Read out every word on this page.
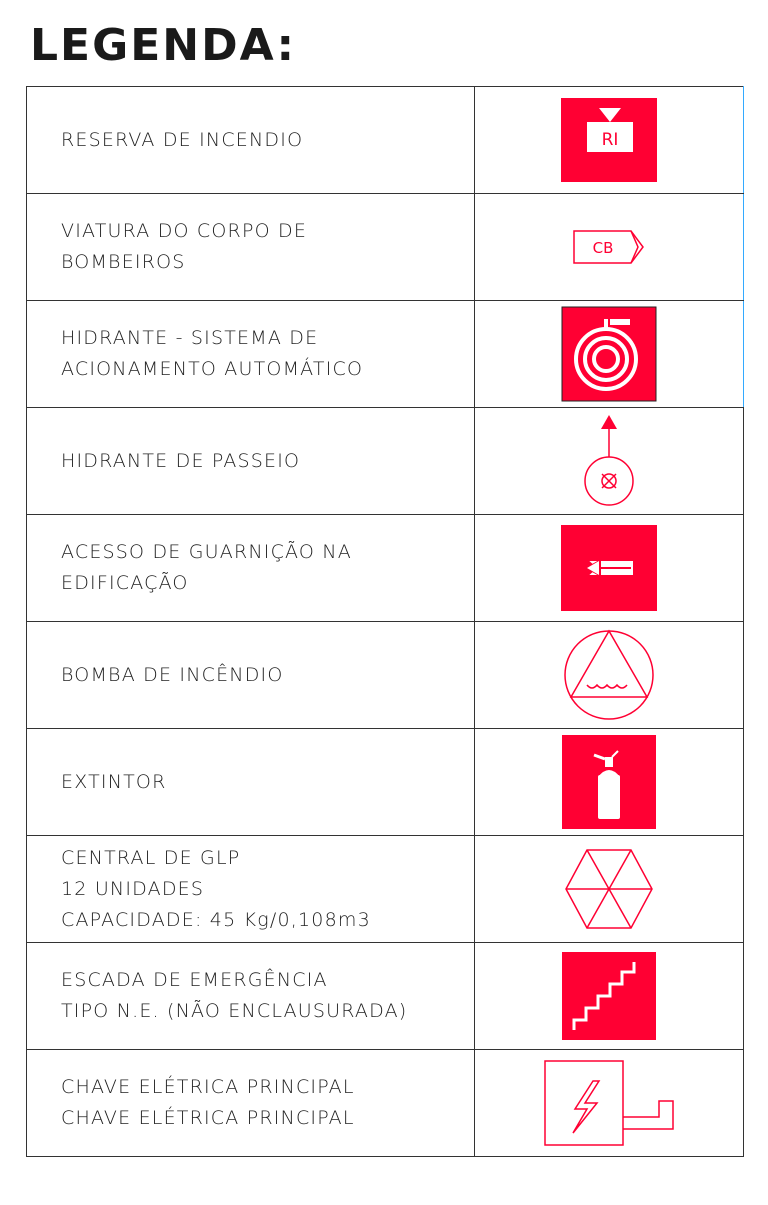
LEGENDA:
RESERVA DE INCENDIO	RI

VIATURA DO CORPO DE
BOMBEIROS	CB

HIDRANTE - SISTEMA DE
ACIONAMENTO AUTOMÁTICO	

HIDRANTE DE PASSEIO	

ACESSO DE GUARNIÇÃO NA
EDIFICAÇÃO	

BOMBA DE INCÊNDIO	

EXTINTOR	

CENTRAL DE GLP
12 UNIDADES
CAPACIDADE: 45 Kg/0,108m3	

ESCADA DE EMERGÊNCIA
TIPO N.E. (NÃO ENCLAUSURADA)	

CHAVE ELÉTRICA PRINCIPAL
CHAVE ELÉTRICA PRINCIPAL	
